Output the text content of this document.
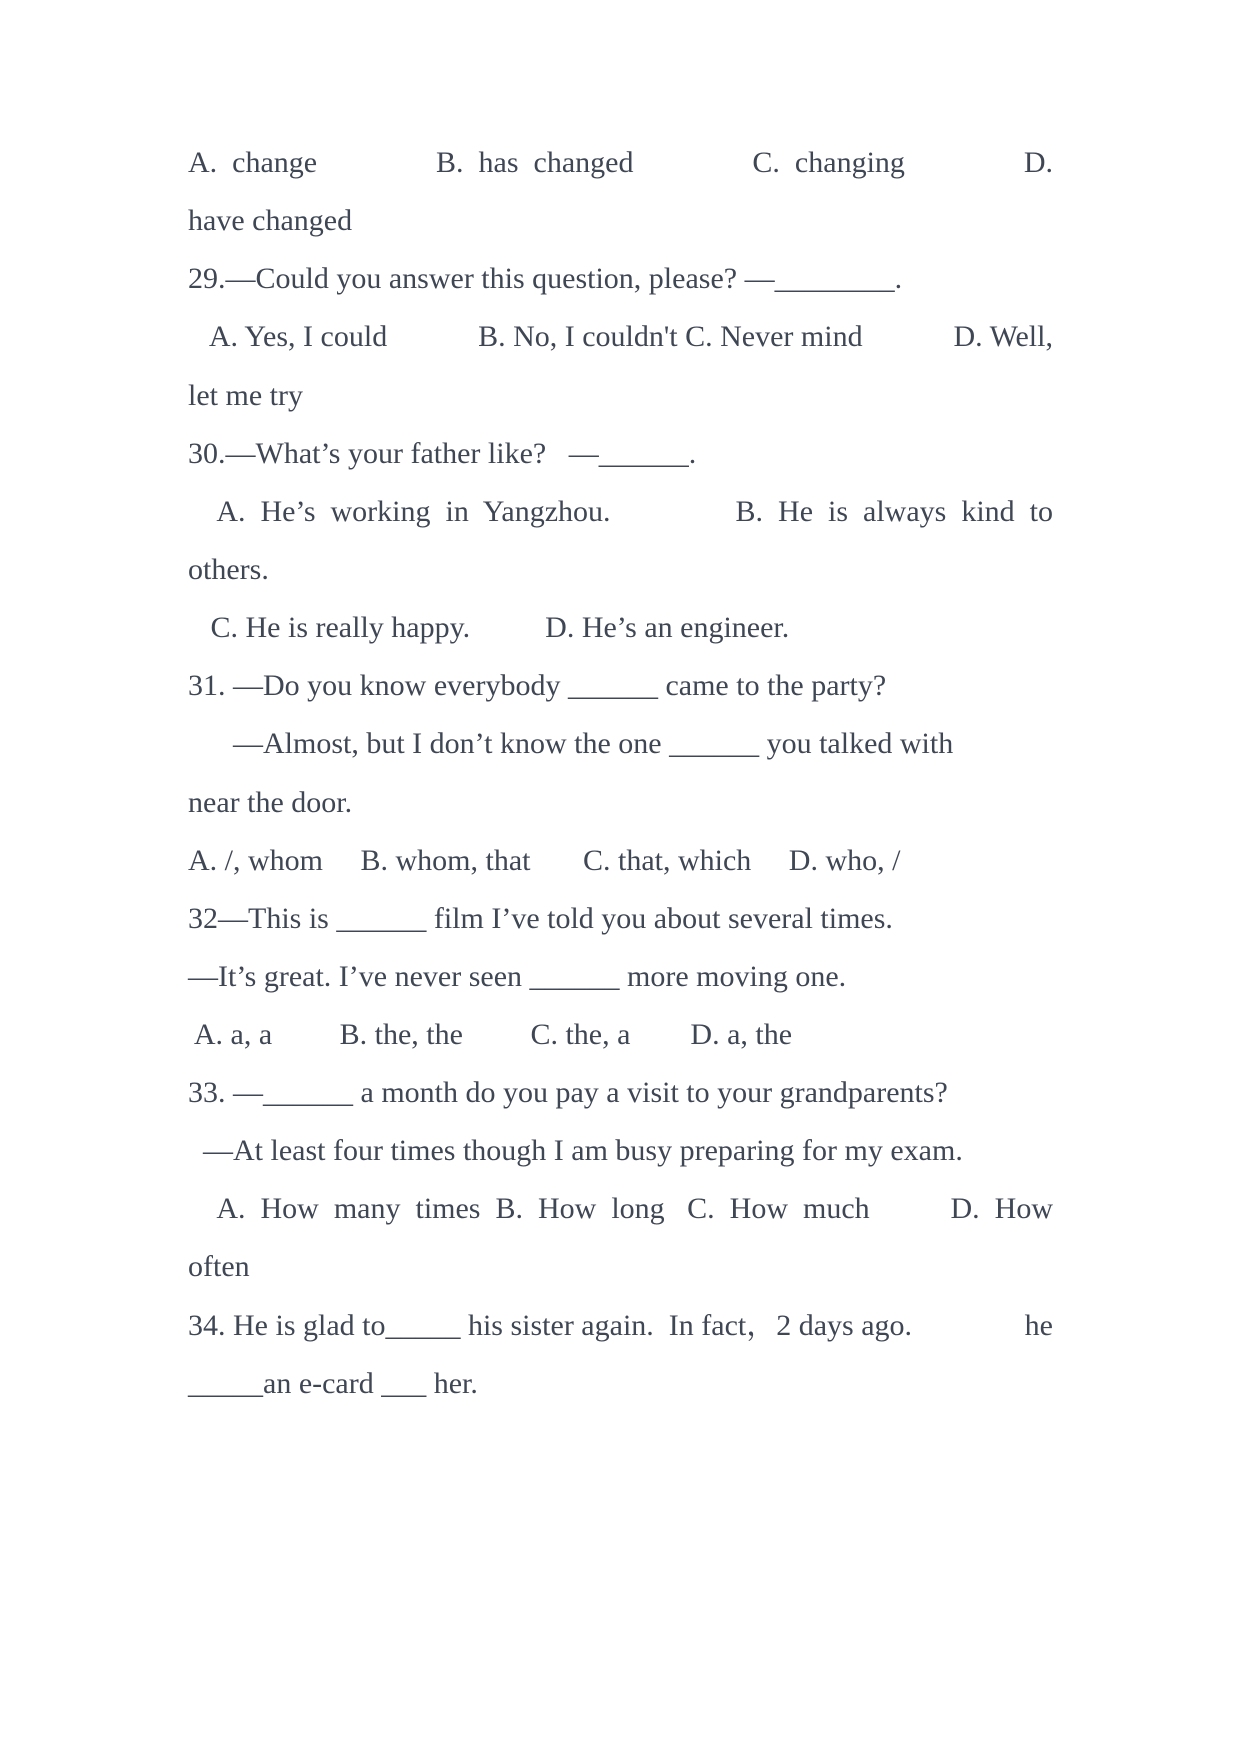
A.  change	B.  has  changed	C.  changing	D.
have changed
29.—Could you answer this question, please? —________.
A. Yes, I could	B. No, I couldn't C. Never mind	D. Well,
let me try
30.—What’s your father like?   —______.
A.  He’s  working  in  Yangzhou.	B.  He  is  always  kind  to
others.
C. He is really happy.          D. He’s an engineer.
31. —Do you know everybody ______ came to the party?
—Almost, but I don’t know the one ______ you talked with
near the door.
A. /, whom     B. whom, that       C. that, which     D. who, /
32—This is ______ film I’ve told you about several times.
—It’s great. I’ve never seen ______ more moving one.
A. a, a         B. the, the         C. the, a        D. a, the
33. —______ a month do you pay a visit to your grandparents?
—At least four times though I am busy preparing for my exam.
A.  How  many  times  B.  How  long   C.  How  much	D.  How
often
34. He is glad to_____ his sister again.  In fact，2 days ago.	he
_____an e-card ___ her.
